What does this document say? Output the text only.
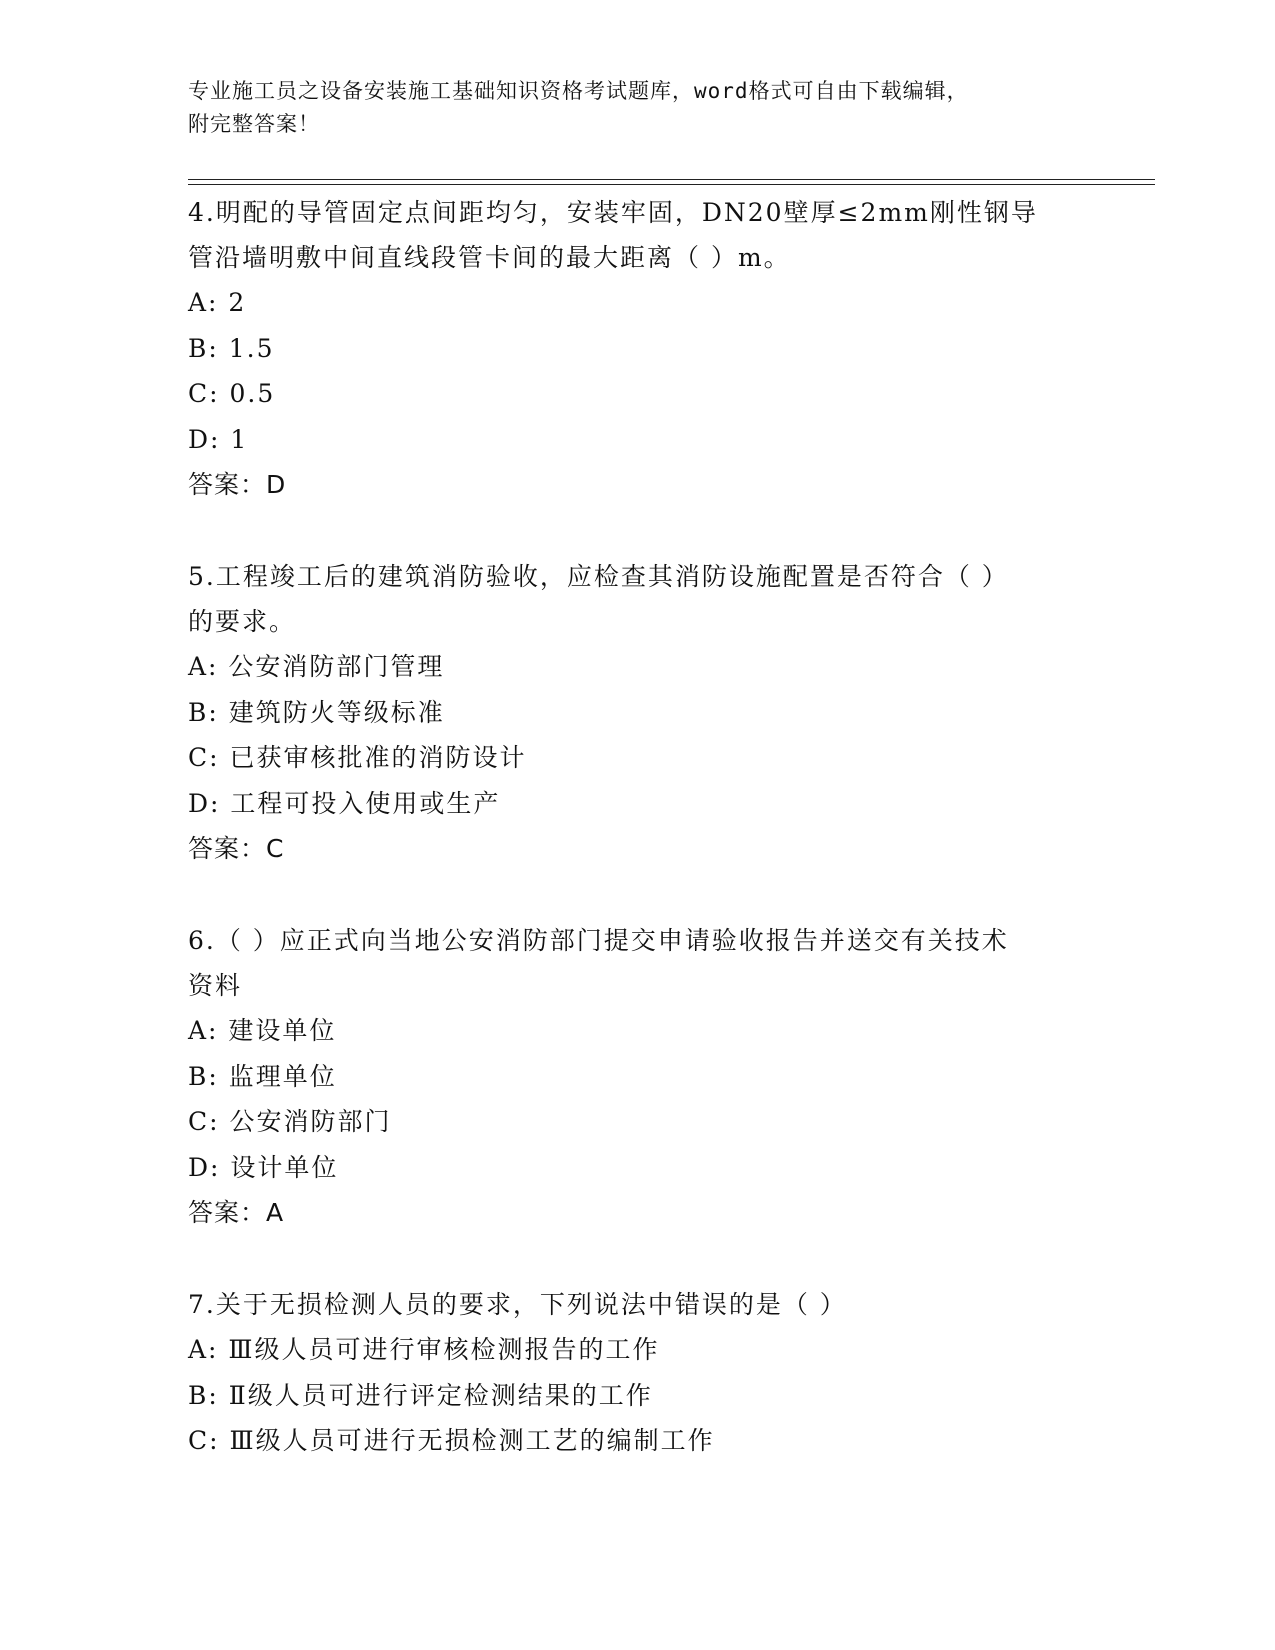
专业施工员之设备安装施工基础知识资格考试题库，word格式可自由下载编辑，
附完整答案！
4.明配的导管固定点间距均匀，安装牢固，DN20壁厚≤2mm刚性钢导
管沿墙明敷中间直线段管卡间的最大距离（ ）m。
A: 2
B: 1.5
C: 0.5
D: 1
答案：D
5.工程竣工后的建筑消防验收，应检查其消防设施配置是否符合（ ）
的要求。
A: 公安消防部门管理
B: 建筑防火等级标准
C: 已获审核批准的消防设计
D: 工程可投入使用或生产
答案：C
6.（ ）应正式向当地公安消防部门提交申请验收报告并送交有关技术
资料
A: 建设单位
B: 监理单位
C: 公安消防部门
D: 设计单位
答案：A
7.关于无损检测人员的要求，下列说法中错误的是（ ）
A: Ⅲ级人员可进行审核检测报告的工作
B: Ⅱ级人员可进行评定检测结果的工作
C: Ⅲ级人员可进行无损检测工艺的编制工作
